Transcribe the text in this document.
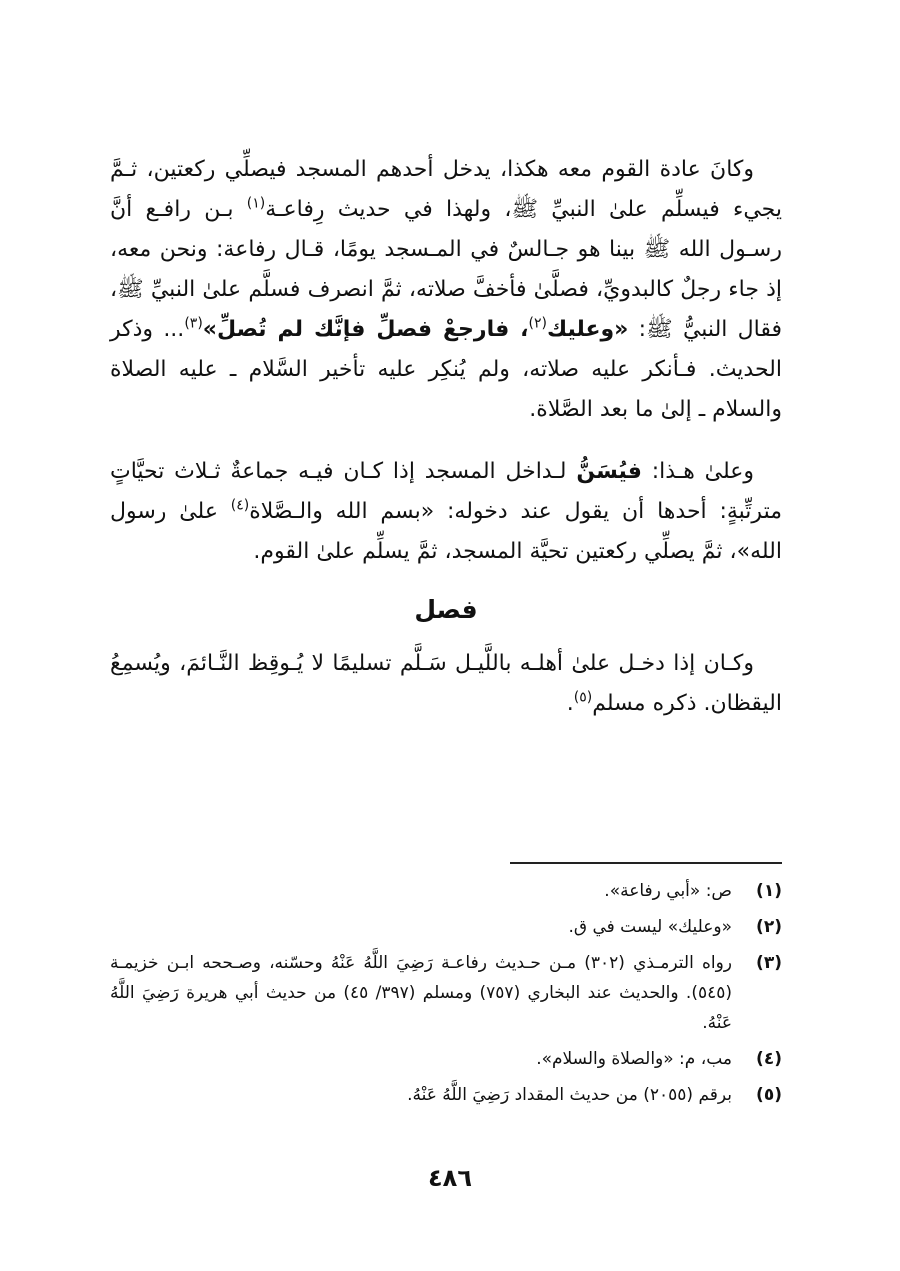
وكانَ عادة القوم معه هكذا، يدخل أحدهم المسجد فيصلِّي ركعتين، ثـمَّ يجيء فيسلِّم علىٰ النبيِّ ﷺ، ولهذا في حديث رِفاعـة$^{(١)}$ بـن رافـع أنَّ رسـول الله ﷺ بينا هو جـالسٌ في المـسجد يومًا، قـال رفاعة: ونحن معه، إذ جاء رجلٌ كالبدويِّ، فصلَّىٰ فأخفَّ صلاته، ثمَّ انصرف فسلَّم علىٰ النبيِّ ﷺ، فقال النبيُّ ﷺ: «وعليك$^{(٢)}$، فارجعْ فصلِّ فإنَّك لم تُصلِّ»$^{(٣)}$... وذكر الحديث. فـأنكر عليه صلاته، ولم يُنكِر عليه تأخير السَّلام ـ عليه الصلاة والسلام ـ إلىٰ ما بعد الصَّلاة.

وعلىٰ هـذا: فيُسَنُّ لـداخل المسجد إذا كـان فيـه جماعةٌ ثـلاث تحيَّاتٍ مترتِّبةٍ: أحدها أن يقول عند دخوله: «بسم الله والـصَّلاة$^{(٤)}$ علىٰ رسول الله»، ثمَّ يصلِّي ركعتين تحيَّة المسجد، ثمَّ يسلِّم علىٰ القوم.

فصل

وكـان إذا دخـل علىٰ أهلـه باللَّيـل سَـلَّم تسليمًا لا يُـوقِظ النَّـائمَ، ويُسمِعُ اليقظان. ذكره مسلم$^{(٥)}$.

(١)
ص: «أبي رفاعة».
(٢)
«وعليك» ليست في ق.
(٣)
رواه الترمـذي (٣٠٢) مـن حـديث رفاعـة رَضِيَ اللَّهُ عَنْهُ وحسّنه، وصـححه ابـن خزيمـة (٥٤٥). والحديث عند البخاري (٧٥٧) ومسلم (٣٩٧/ ٤٥) من حديث أبي هريرة رَضِيَ اللَّهُ عَنْهُ.
(٤)
مب، م: «والصلاة والسلام».
(٥)
برقم (٢٠٥٥) من حديث المقداد رَضِيَ اللَّهُ عَنْهُ.
٤٨٦
